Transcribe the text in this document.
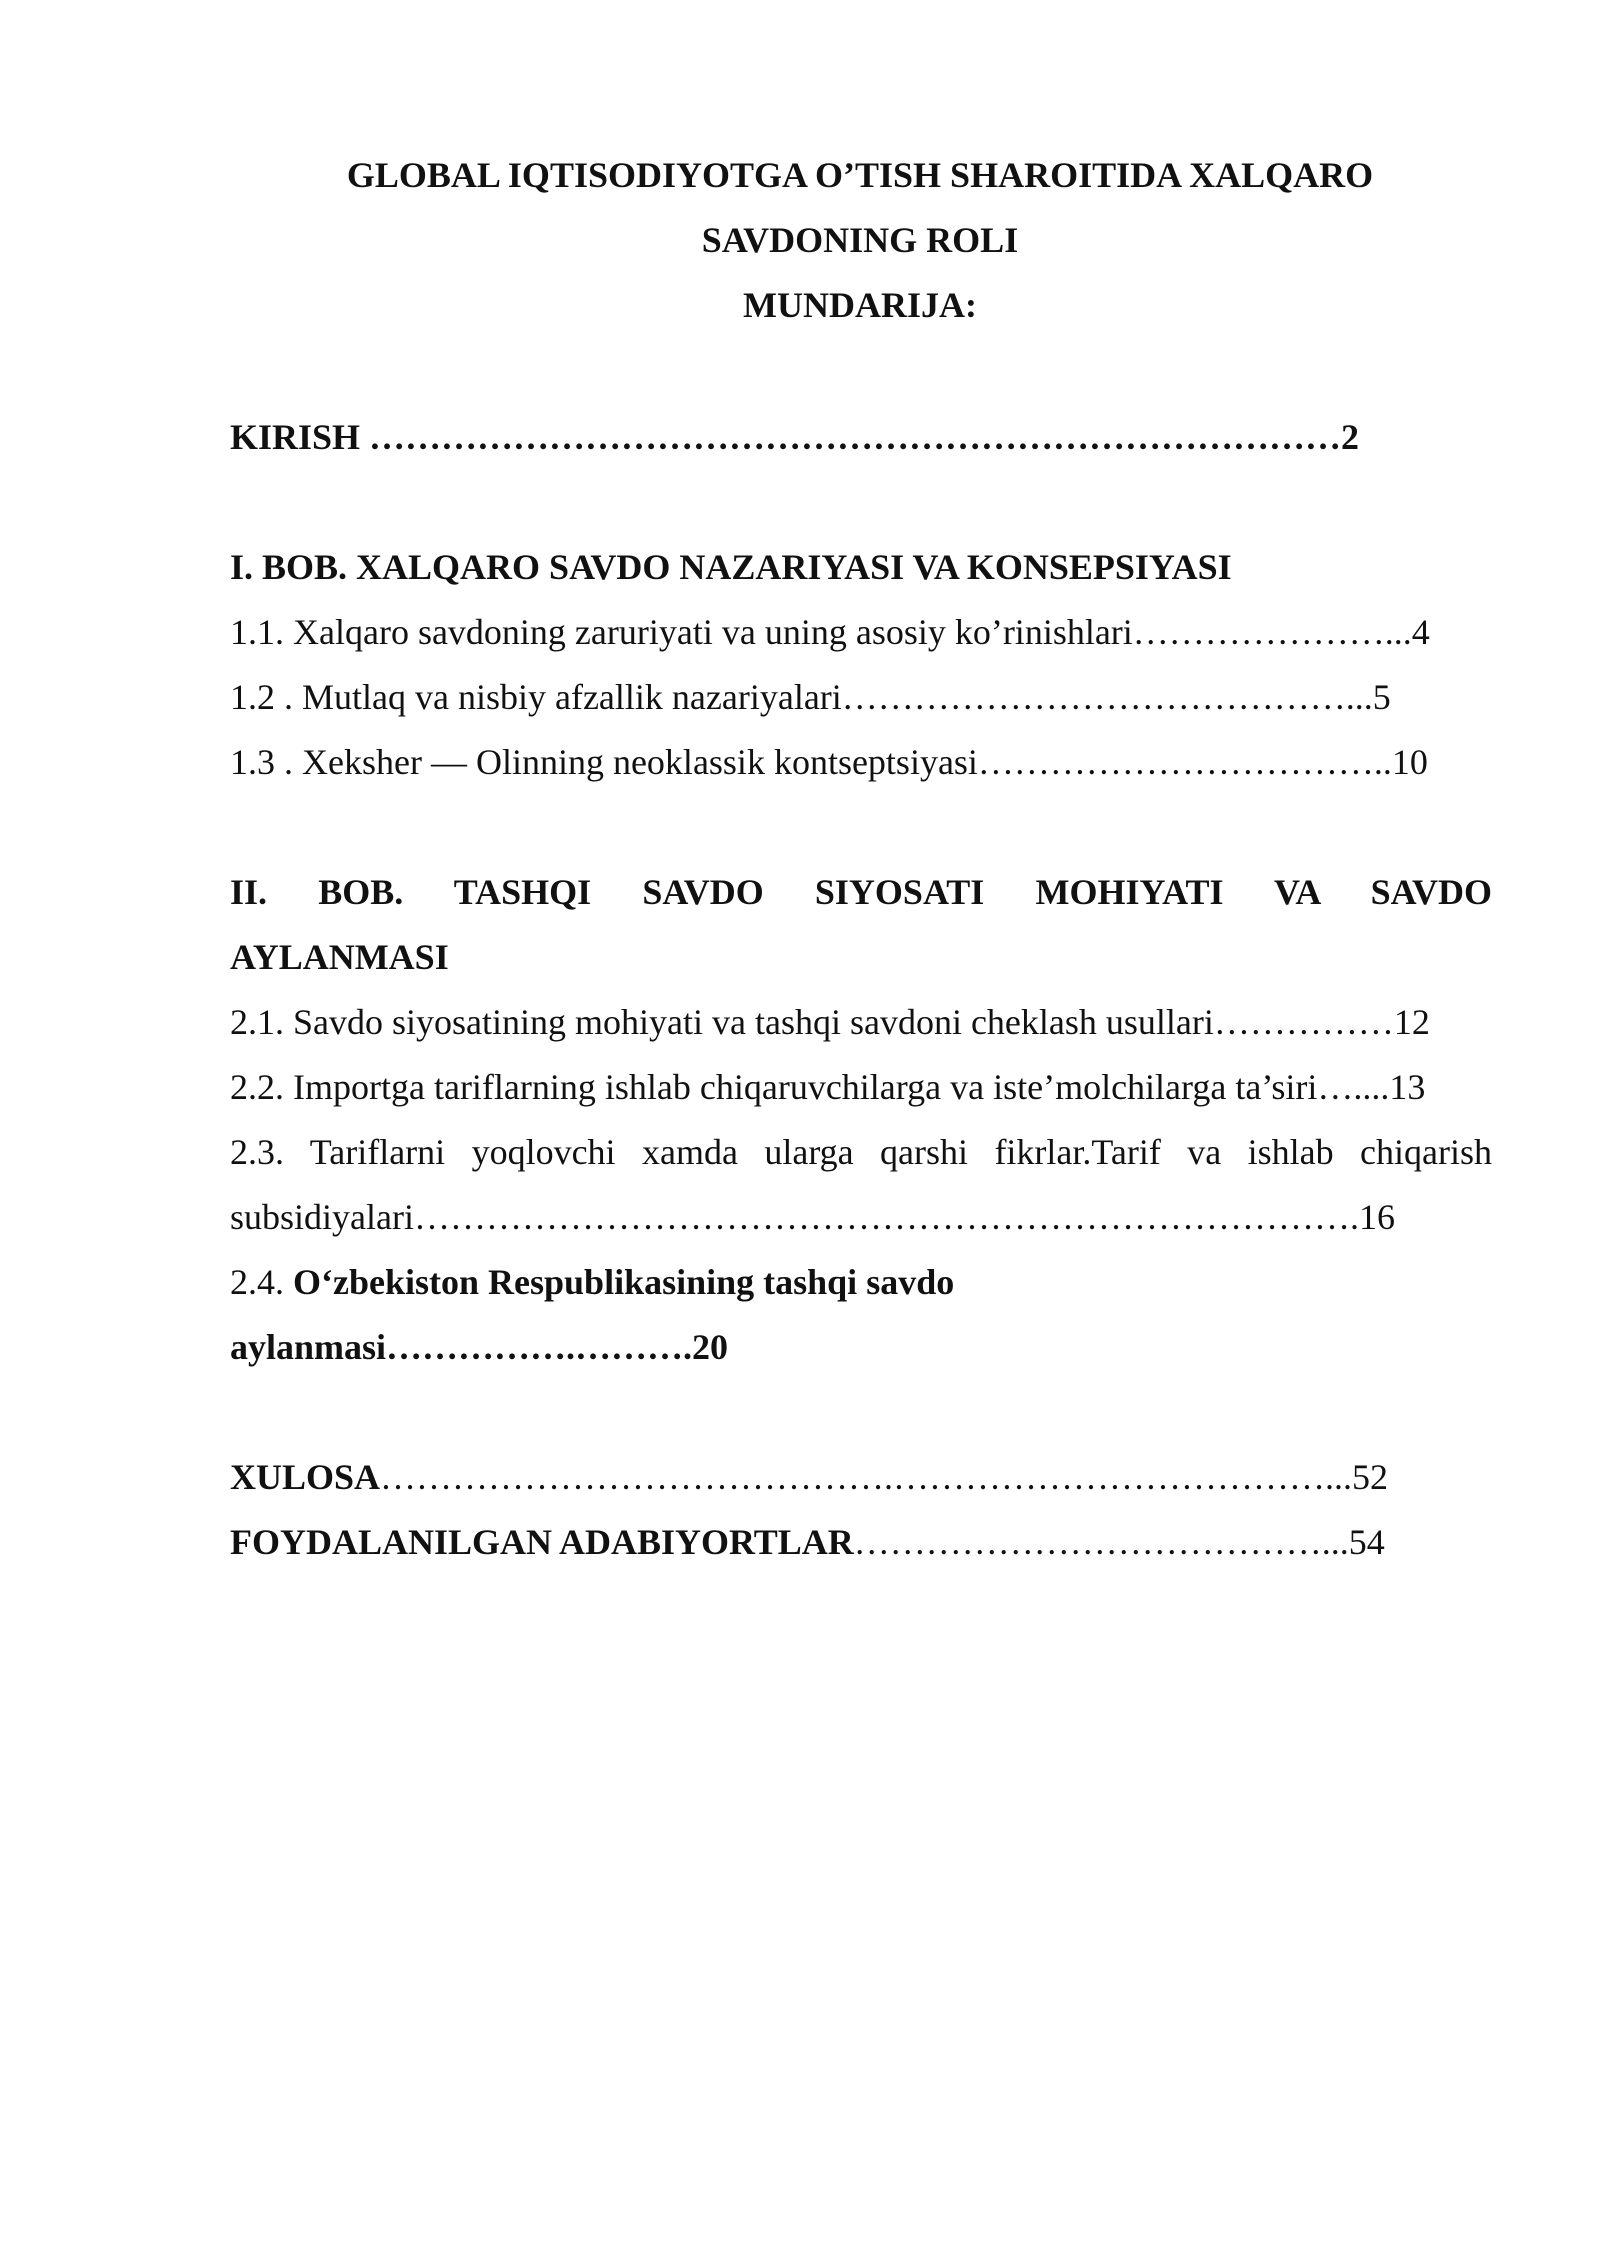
GLOBAL IQTISODIYOTGA O’TISH SHAROITIDA XALQARO
SAVDONING ROLI
MUNDARIJA:
KIRISH ………………………………………………………………………2
I. BOB. XALQARO SAVDO NAZARIYASI VA KONSEPSIYASI
1.1. Xalqaro savdoning zaruriyati va uning asosiy ko’rinishlari…………………...4
1.2 . Mutlaq va nisbiy afzallik nazariyalari……………………………………...5
1.3 . Xeksher — Olinning neoklassik kontseptsiyasi……………………………..10
II. BOB. TASHQI SAVDO SIYOSATI MOHIYATI VA SAVDO
AYLANMASI
2.1. Savdo siyosatining mohiyati va tashqi savdoni cheklash usullari……………12
2.2. Importga tariflarning ishlab chiqaruvchilarga va iste’molchilarga ta’siri…....13
2.3. Tariflarni yoqlovchi xamda ularga qarshi fikrlar.Tarif va ishlab chiqarish
subsidiyalari…………………………………………………………………….16
2.4. O‘zbekiston Respublikasining tashqi savdo
aylanmasi…………….……….20
XULOSA…………………………………….………………………………...52
FOYDALANILGAN ADABIYORTLAR…………………………………...54
